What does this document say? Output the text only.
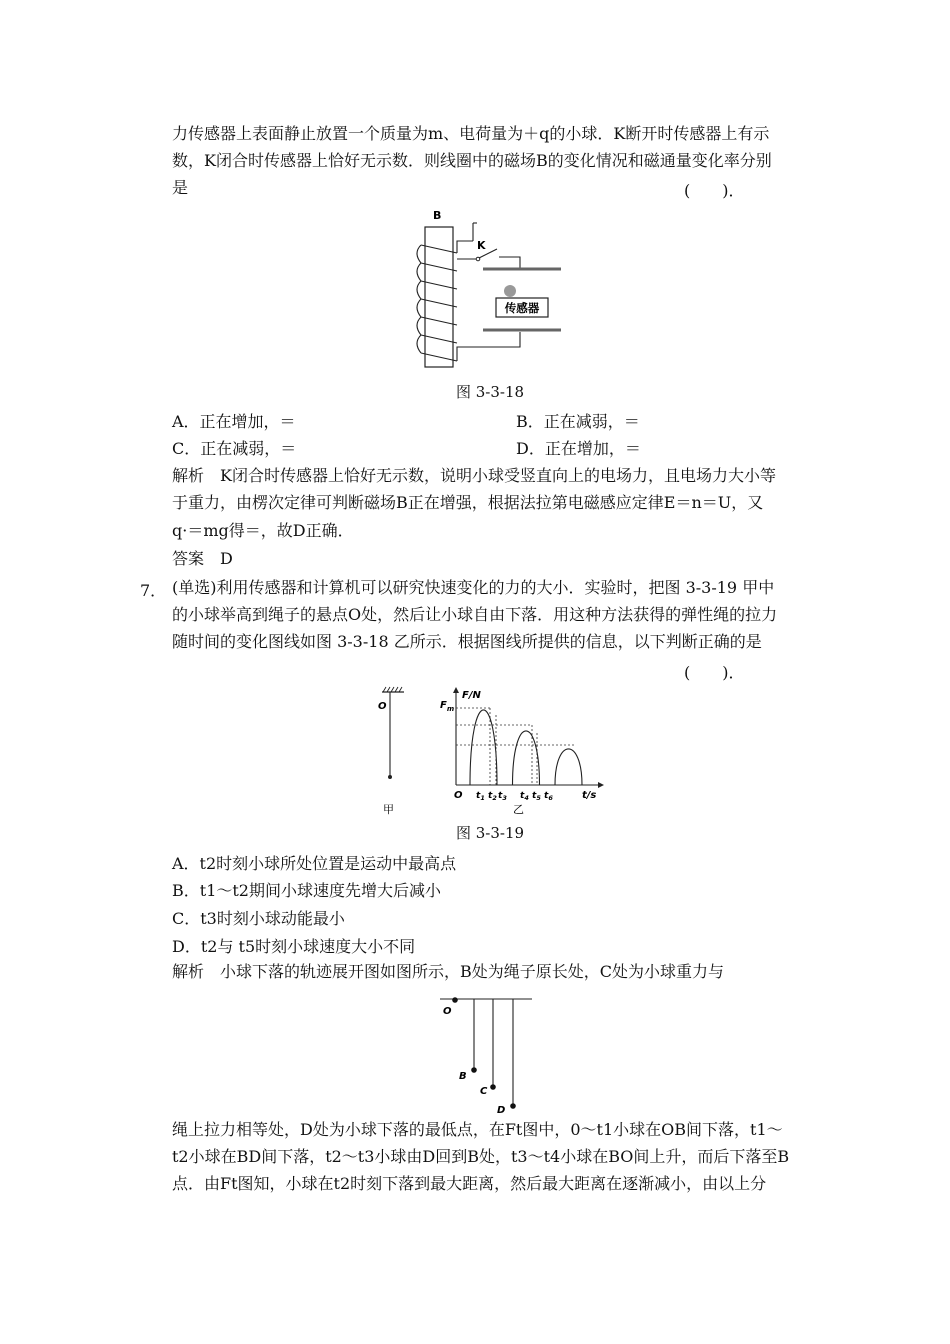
力传感器上表面静止放置一个质量为m、电荷量为＋q的小球．K断开时传感器上有示
数，K闭合时传感器上恰好无示数．则线圈中的磁场B的变化情况和磁通量变化率分别
是	(　　)．
B
K
传感器
图 3-3-18
A．正在增加，＝	B．正在减弱，＝
C．正在减弱，＝	D．正在增加，＝
解析　K闭合时传感器上恰好无示数，说明小球受竖直向上的电场力，且电场力大小等
于重力，由楞次定律可判断磁场B正在增强，根据法拉第电磁感应定律E＝n＝U，又
q·＝mg得＝，故D正确．
答案　D
7． (单选)利用传感器和计算机可以研究快速变化的力的大小．实验时，把图 3-3-19 甲中
的小球举高到绳子的悬点O处，然后让小球自由下落．用这种方法获得的弹性绳的拉力
随时间的变化图线如图 3-3-18 乙所示．根据图线所提供的信息，以下判断正确的是
(　　)．
O
甲
F/N
$F_m$
O	t/s
$t_1$ $t_2$ $t_3$ $t_4$ $t_5$ $t_6$
乙
图 3-3-19
A．t2时刻小球所处位置是运动中最高点
B．t1～t2期间小球速度先增大后减小
C．t3时刻小球动能最小
D．t2与 t5时刻小球速度大小不同
解析　小球下落的轨迹展开图如图所示，B处为绳子原长处，C处为小球重力与
O
B
C
D
绳上拉力相等处，D处为小球下落的最低点，在Ft图中，0～t1小球在OB间下落，t1～
t2小球在BD间下落，t2～t3小球由D回到B处，t3～t4小球在BO间上升，而后下落至B
点．由Ft图知，小球在t2时刻下落到最大距离，然后最大距离在逐渐减小，由以上分
